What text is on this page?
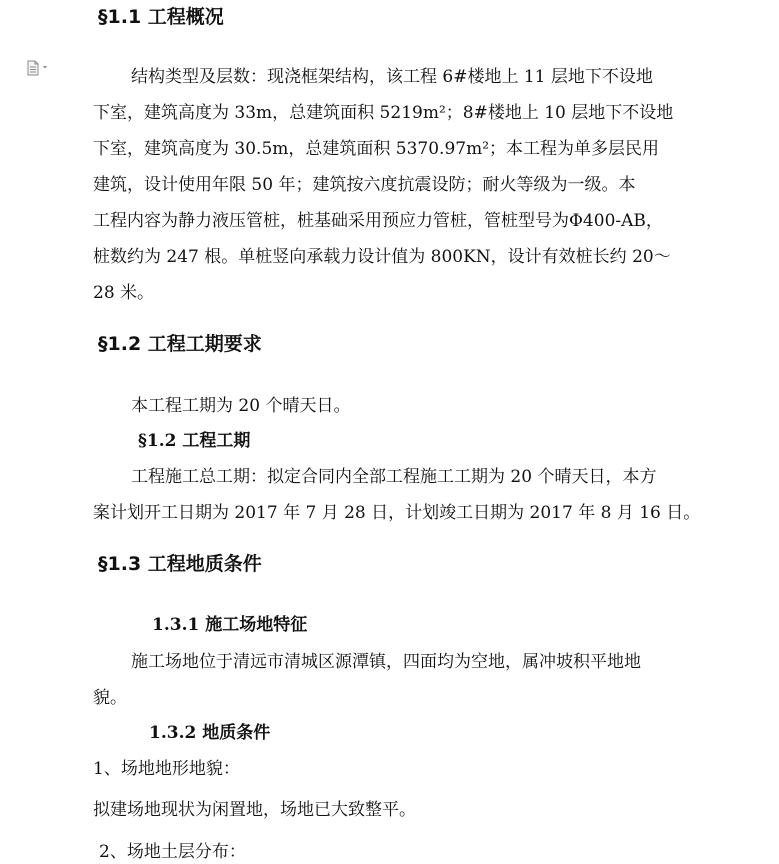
§1.1 工程概况
结构类型及层数：现浇框架结构，该工程 6#楼地上 11 层地下不设地
下室，建筑高度为 33m，总建筑面积 5219m²；8#楼地上 10 层地下不设地
下室，建筑高度为 30.5m，总建筑面积 5370.97m²；本工程为单多层民用
建筑，设计使用年限 50 年；建筑按六度抗震设防；耐火等级为一级。本
工程内容为静力液压管桩，桩基础采用预应力管桩，管桩型号为Φ400-AB，
桩数约为 247 根。单桩竖向承载力设计值为 800KN，设计有效桩长约 20～
28 米。
§1.2 工程工期要求
本工程工期为 20 个晴天日。
§1.2 工程工期
工程施工总工期：拟定合同内全部工程施工工期为 20 个晴天日，本方
案计划开工日期为 2017 年 7 月 28 日，计划竣工日期为 2017 年 8 月 16 日。
§1.3 工程地质条件
1.3.1 施工场地特征
施工场地位于清远市清城区源潭镇，四面均为空地，属冲坡积平地地
貌。
1.3.2 地质条件
1、场地地形地貌：
拟建场地现状为闲置地，场地已大致整平。
2、场地土层分布：
